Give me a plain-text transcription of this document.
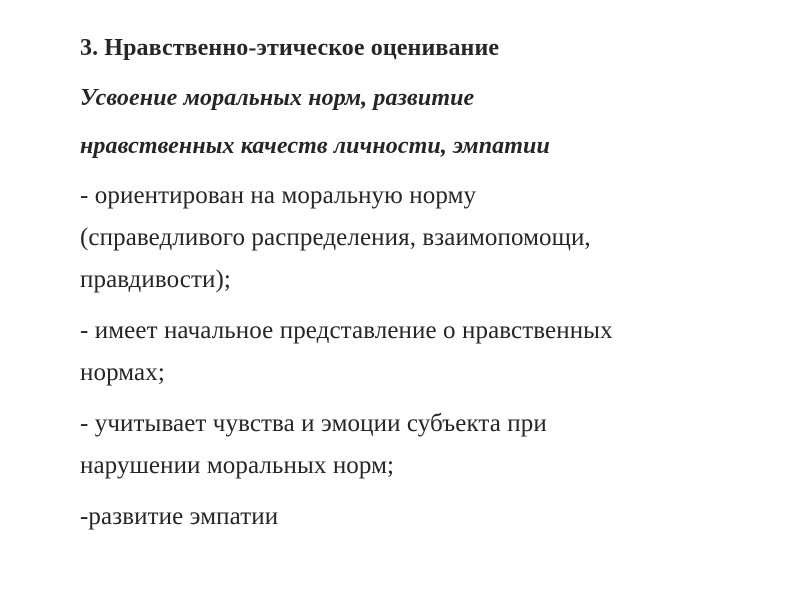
3. Нравственно-этическое оценивание
Усвоение моральных норм, развитие
нравственных качеств личности, эмпатии
- ориентирован на моральную норму
(справедливого распределения, взаимопомощи,
правдивости);
- имеет начальное представление о нравственных
нормах;
- учитывает чувства и эмоции субъекта при
нарушении моральных норм;
-развитие эмпатии
